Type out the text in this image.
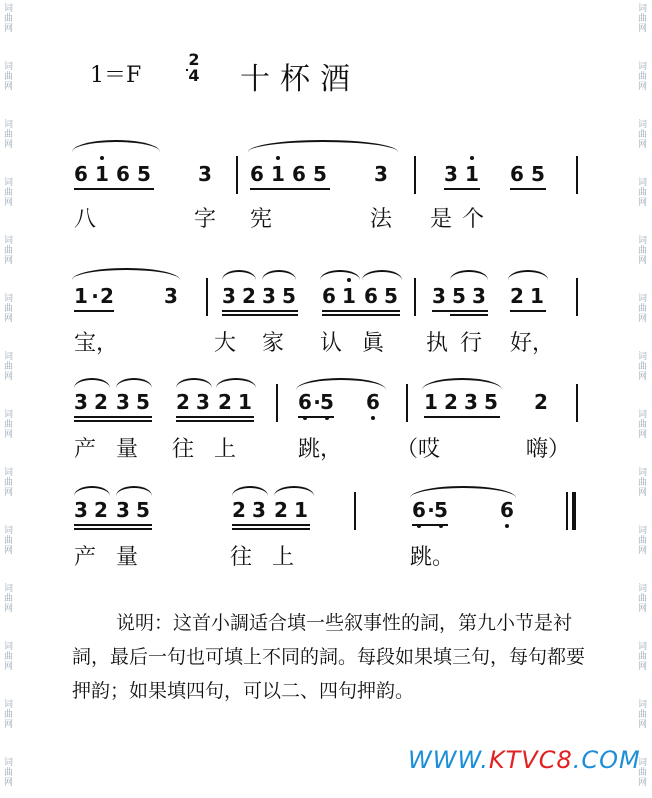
词曲网
词曲网
词曲网
词曲网
词曲网
词曲网
词曲网
词曲网
词曲网
词曲网
词曲网
词曲网
词曲网
词曲网
词曲网
词曲网
词曲网
词曲网
词曲网
词曲网
词曲网
词曲网
词曲网
词曲网
词曲网
词曲网
词曲网
词曲网
1＝F
2
4 十杯酒
6 1 6 5 3 6 1 6 5 3	3 1 6 5
八	字 宪	法 是 个
1 · 2	3 3 2 3 5 6 1 6 5 3 5 3 2 1
宝，	大 家 认 眞 执 行 好，
3 2 3 5 2 3 2 1 6 · 5 6 1 2 3 5 2
产 量 往 上	跳， （哎	嗨）
3 2 3 5	2 3 2 1	6 · 5	6
产 量	往 上	跳。

说明：这首小調适合填一些叙事性的詞，第九小节是衬詞，最后一句也可填上不同的詞。每段如果填三句，每句都要押韵；如果填四句，可以二、四句押韵。

WWW.KTVC8.COM
